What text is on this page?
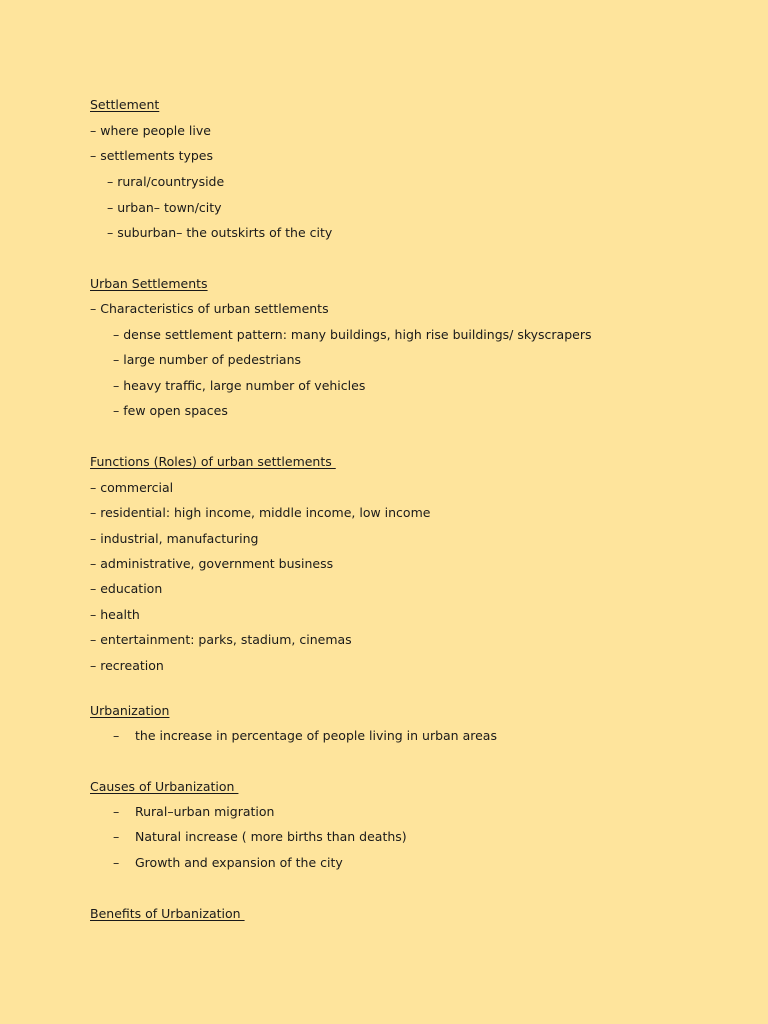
Settlement
– where people live
– settlements types
– rural/countryside
– urban– town/city
– suburban– the outskirts of the city
Urban Settlements
– Characteristics of urban settlements
– dense settlement pattern: many buildings, high rise buildings/ skyscrapers
– large number of pedestrians
– heavy traffic, large number of vehicles
– few open spaces
Functions (Roles) of urban settlements
– commercial
– residential: high income, middle income, low income
– industrial, manufacturing
– administrative, government business
– education
– health
– entertainment: parks, stadium, cinemas
– recreation
Urbanization
– the increase in percentage of people living in urban areas
Causes of Urbanization
– Rural–urban migration
– Natural increase ( more births than deaths)
– Growth and expansion of the city
Benefits of Urbanization
